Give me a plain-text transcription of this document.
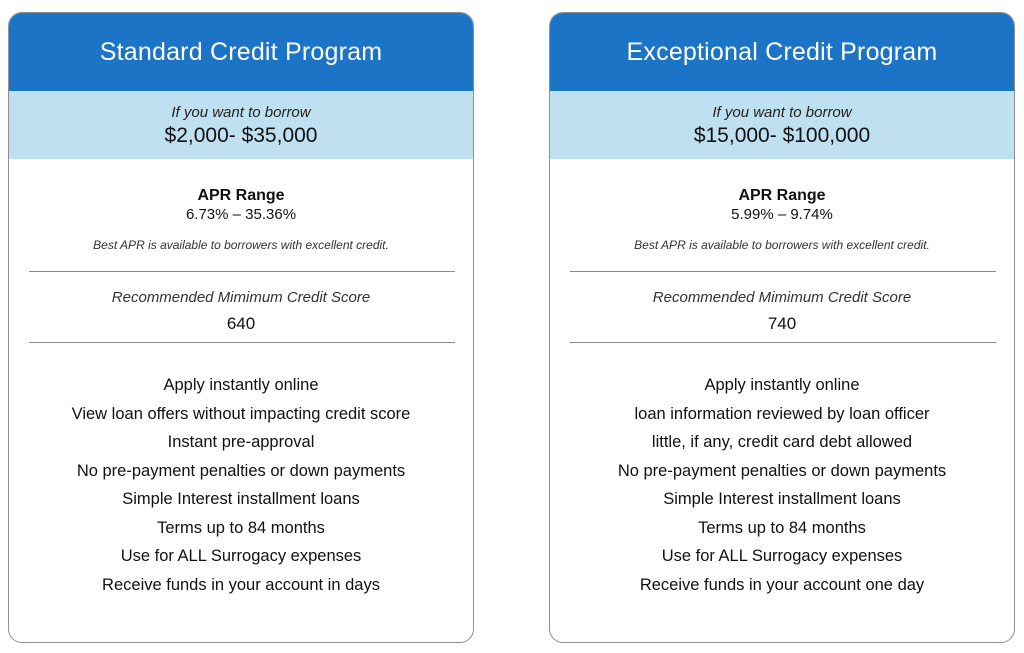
Standard Credit Program
If you want to borrow
$2,000- $35,000
APR Range
6.73% – 35.36%
Best APR is available to borrowers with excellent credit.
Recommended Mimimum Credit Score
640
Apply instantly online
View loan offers without impacting credit score
Instant pre-approval
No pre-payment penalties or down payments
Simple Interest installment loans
Terms up to 84 months
Use for ALL Surrogacy expenses
Receive funds in your account in days
Exceptional Credit Program
If you want to borrow
$15,000- $100,000
APR Range
5.99% – 9.74%
Best APR is available to borrowers with excellent credit.
Recommended Mimimum Credit Score
740
Apply instantly online
loan information reviewed by loan officer
little, if any, credit card debt allowed
No pre-payment penalties or down payments
Simple Interest installment loans
Terms up to 84 months
Use for ALL Surrogacy expenses
Receive funds in your account one day
